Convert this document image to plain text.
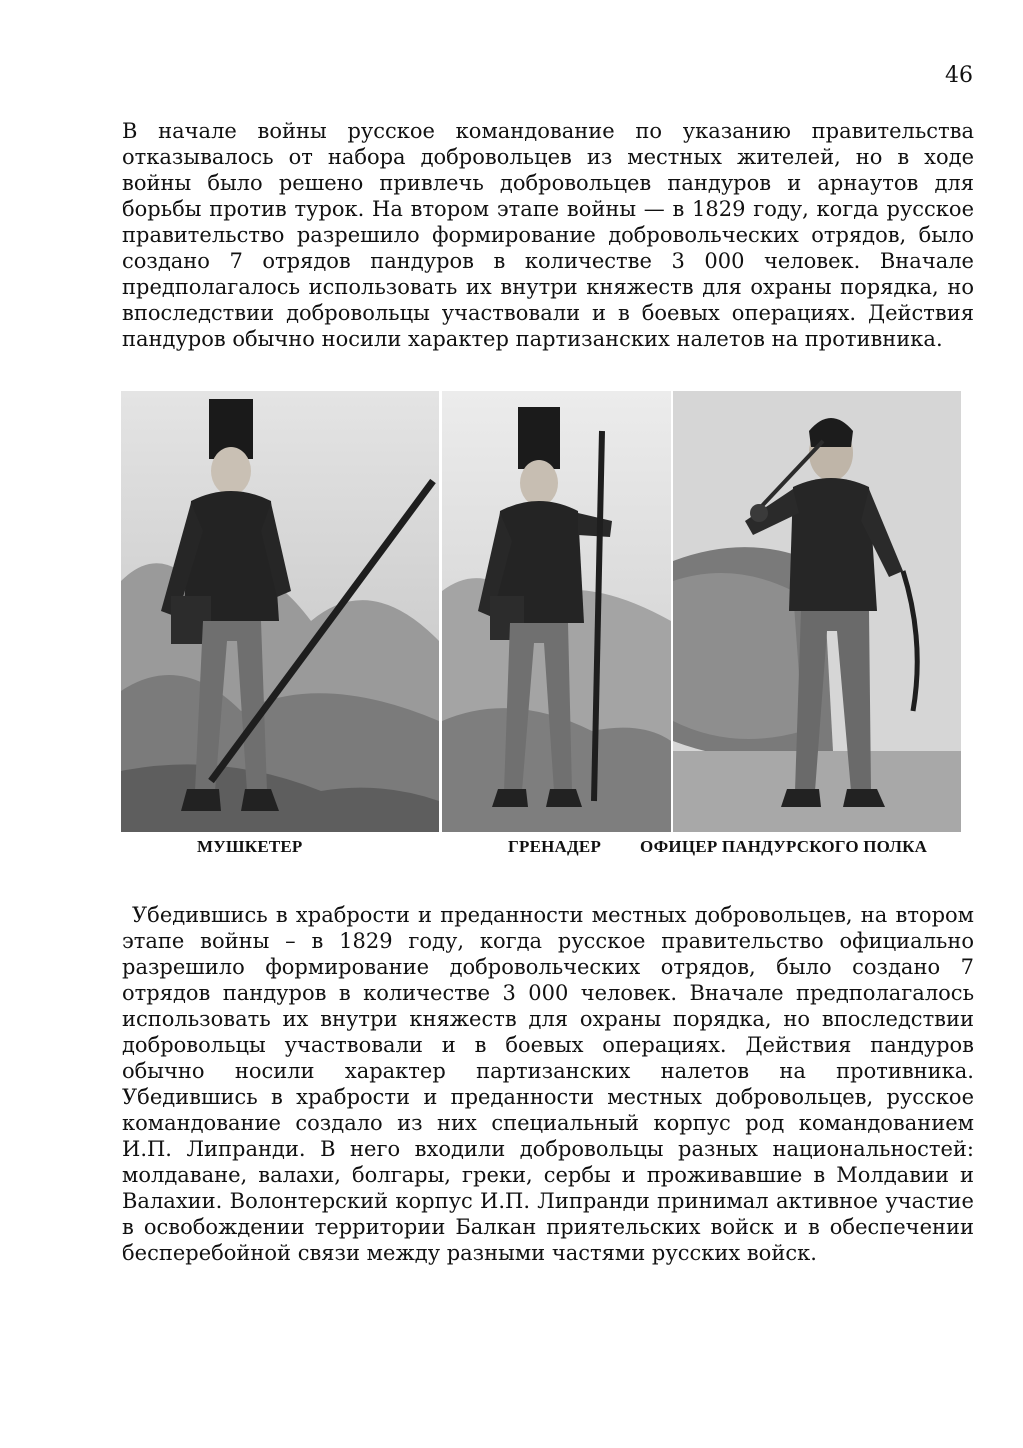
46

В начале войны русское командование по указанию правительства отказывалось от набора добровольцев из местных жителей, но в ходе войны было решено привлечь добровольцев пандуров и арнаутов для борьбы против турок. На втором этапе войны — в 1829 году, когда русское правительство разрешило формирование добровольческих отрядов, было создано 7 отрядов пандуров в количестве 3 000 человек. Вначале предполагалось использовать их внутри княжеств для охраны порядка, но впоследствии добровольцы участвовали и в боевых операциях. Действия пандуров обычно носили характер партизанских налетов на противника.

МУШКЕТЕР	ГРЕНАДЕР ОФИЦЕР ПАНДУРСКОГО ПОЛКА

Убедившись в храбрости и преданности местных добровольцев, на втором этапе войны – в 1829 году, когда русское правительство официально разрешило формирование добровольческих отрядов, было создано 7 отрядов пандуров в количестве 3 000 человек. Вначале предполагалось использовать их внутри княжеств для охраны порядка, но впоследствии добровольцы участвовали и в боевых операциях. Действия пандуров обычно носили характер партизанских налетов на противника. Убедившись в храбрости и преданности местных добровольцев, русское командование создало из них специальный корпус род командованием И.П. Липранди. В него входили добровольцы разных национальностей: молдаване, валахи, болгары, греки, сербы и проживавшие в Молдавии и Валахии. Волонтерский корпус И.П. Липранди принимал активное участие в освобождении территории Балкан приятельских войск и в обеспечении бесперебойной связи между разными частями русских войск.
